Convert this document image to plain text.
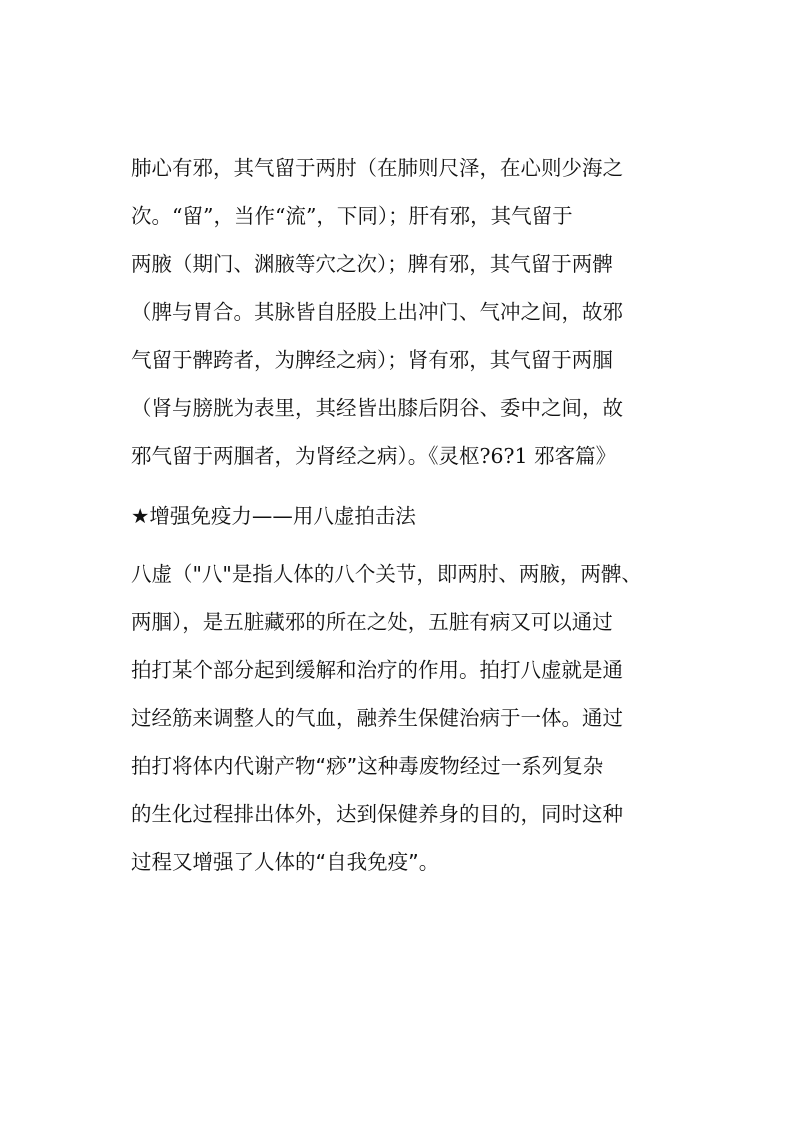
肺心有邪，其气留于两肘（在肺则尺泽，在心则少海之
次。“留”，当作“流”，下同）；肝有邪，其气留于
两腋（期门、渊腋等穴之次）；脾有邪，其气留于两髀
（脾与胃合。其脉皆自胫股上出冲门、气冲之间，故邪
气留于髀跨者，为脾经之病）；肾有邪，其气留于两腘
（肾与膀胱为表里，其经皆出膝后阴谷、委中之间，故
邪气留于两腘者，为肾经之病）。《灵枢?6?1 邪客篇》
★增强免疫力——用八虚拍击法
八虚（"八"是指人体的八个关节，即两肘、两腋，两髀、
两腘），是五脏藏邪的所在之处，五脏有病又可以通过
拍打某个部分起到缓解和治疗的作用。拍打八虚就是通
过经筋来调整人的气血，融养生保健治病于一体。通过
拍打将体内代谢产物“痧”这种毒废物经过一系列复杂
的生化过程排出体外，达到保健养身的目的，同时这种
过程又增强了人体的“自我免疫”。
